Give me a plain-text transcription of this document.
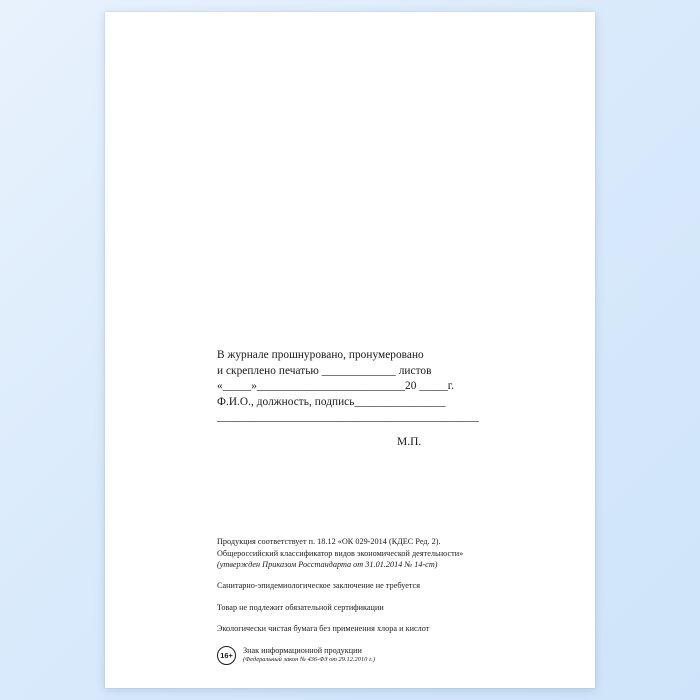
В журнале прошнуровано, пронумеровано
и скреплено печатью _____________ листов
«_____»__________________________20 _____г.
Ф.И.О., должность, подпись________________
________________________________________________
М.П.

Продукция соответствует п. 18.12 «ОК 029-2014 (КДЕС Ред. 2).

Общероссийский классификатор видов экономической деятельности»

(утвержден Приказом Росстандарта от 31.01.2014 № 14-ст)

Санитарно-эпидемиологическое заключение не требуется

Товар не подлежит обязательной сертификации

Экологически чистая бумага без применения хлора и кислот

16+
Знак информационной продукции
(Федеральный закон № 436-ФЗ от 29.12.2010 г.)
